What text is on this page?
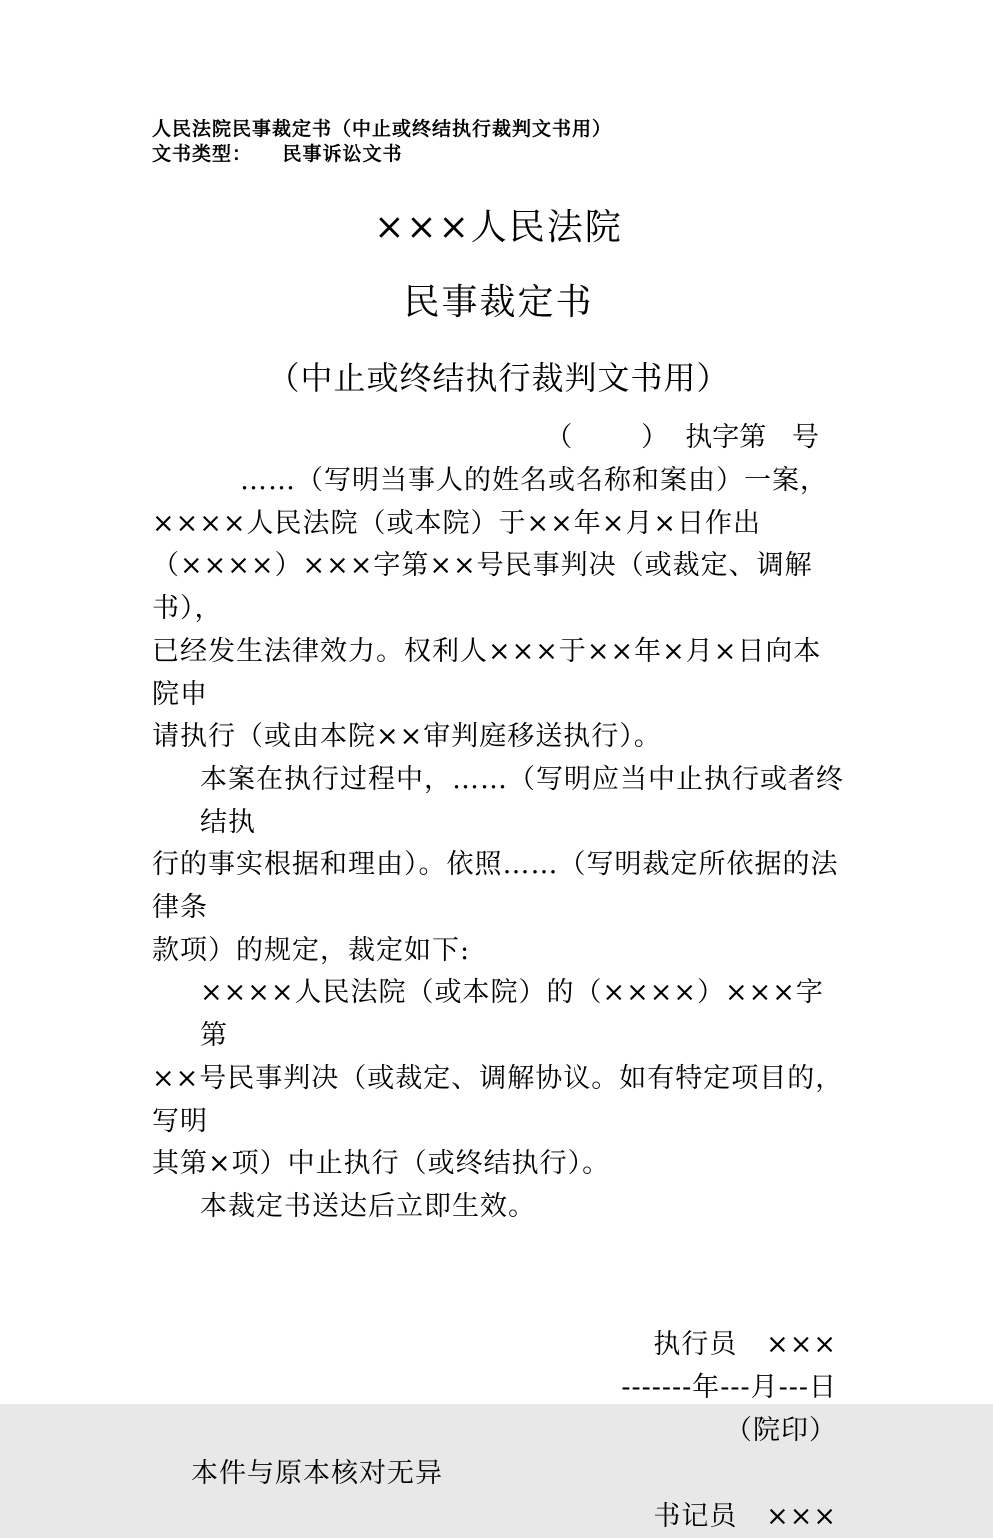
人民法院民事裁定书（中止或终结执行裁判文书用）
文书类型：    民事诉讼文书
×××人民法院
民事裁定书
（中止或终结执行裁判文书用）
（        ）  执字第   号
……（写明当事人的姓名或名称和案由）一案，
××××人民法院（或本院）于××年×月×日作出
（××××）×××字第××号民事判决（或裁定、调解书），
已经发生法律效力。权利人×××于××年×月×日向本院申
请执行（或由本院××审判庭移送执行）。
本案在执行过程中，……（写明应当中止执行或者终结执
行的事实根据和理由）。依照……（写明裁定所依据的法律条
款项）的规定，裁定如下:
××××人民法院（或本院）的（××××）×××字第
××号民事判决（或裁定、调解协议。如有特定项目的，写明
其第×项）中止执行（或终结执行）。
本裁定书送达后立即生效。
执行员   ×××
-------年---月---日
（院印）
本件与原本核对无异
书记员   ×××
